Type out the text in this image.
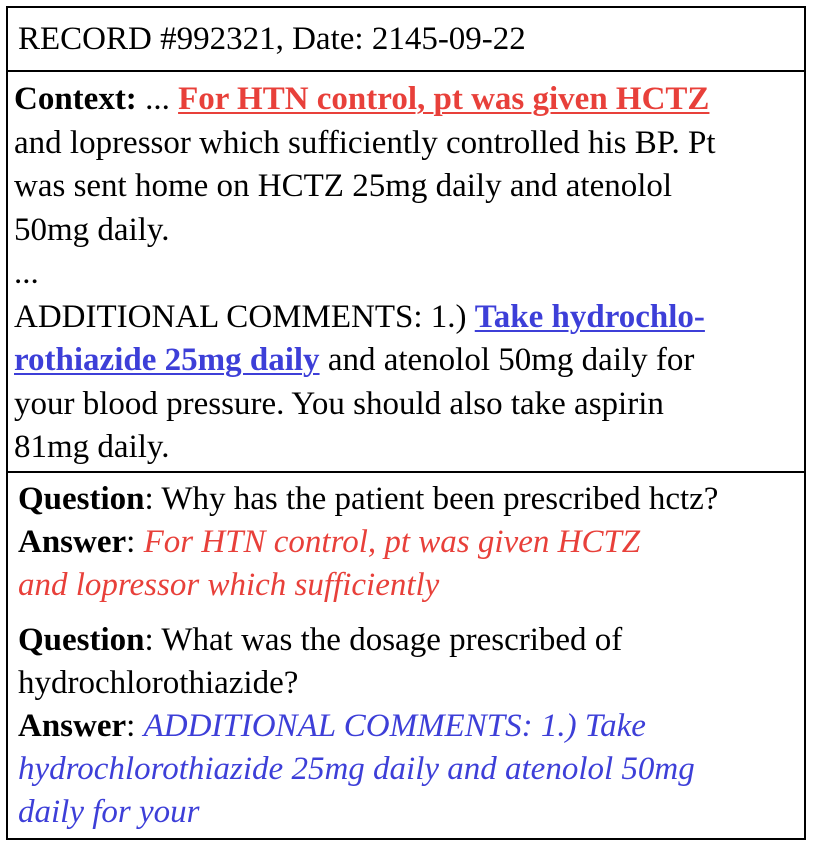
RECORD #992321, Date: 2145-09-22
Context: ... For HTN control, pt was given HCTZ
and lopressor which sufficiently controlled his BP. Pt
was sent home on HCTZ 25mg daily and atenolol
50mg daily.
...
ADDITIONAL COMMENTS: 1.) Take hydrochlo-
rothiazide 25mg daily and atenolol 50mg daily for
your blood pressure. You should also take aspirin
81mg daily.
Question: Why has the patient been prescribed hctz?
Answer: For HTN control, pt was given HCTZ
and lopressor which sufficiently
Question: What was the dosage prescribed of
hydrochlorothiazide?
Answer: ADDITIONAL COMMENTS: 1.) Take
hydrochlorothiazide 25mg daily and atenolol 50mg
daily for your
